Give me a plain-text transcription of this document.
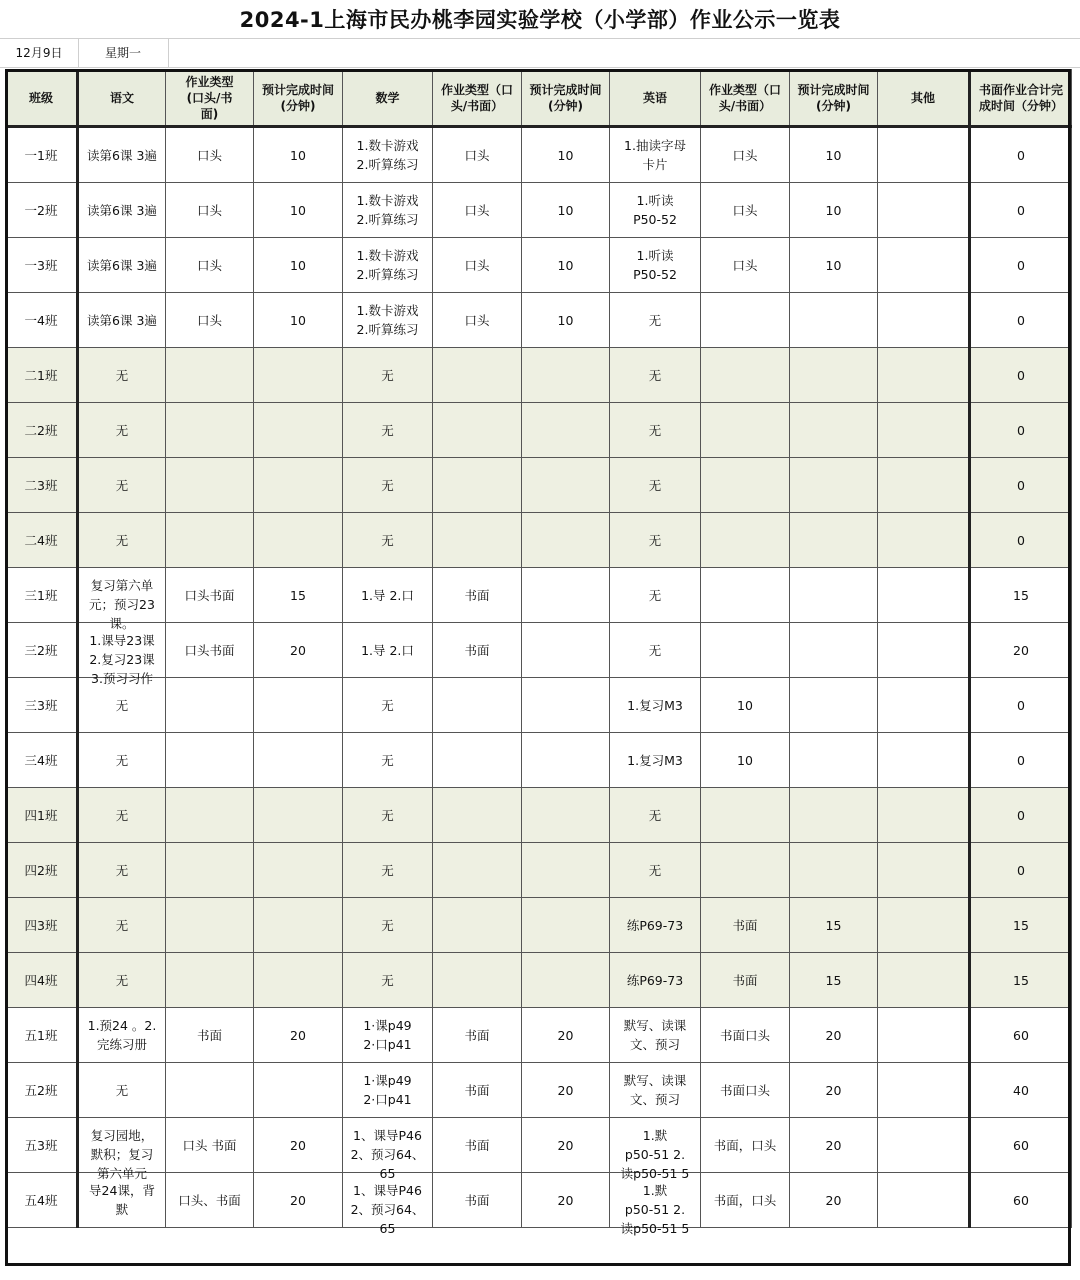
2024-1上海市民办桃李园实验学校（小学部）作业公示一览表
12月9日	星期一
班级	语文	作业类型
(口头/书
面)	预计完成时间
(分钟)	数学	作业类型（口
头/书面）	预计完成时间
(分钟)	英语	作业类型（口
头/书面）	预计完成时间
(分钟)	其他	书面作业合计完
成时间（分钟）

一1班	读第6课 3遍	口头	10	1.数卡游戏
2.听算练习	口头	10	1.抽读字母
卡片	口头	10		0

一2班	读第6课 3遍	口头	10	1.数卡游戏
2.听算练习	口头	10	1.听读
P50-52	口头	10		0

一3班	读第6课 3遍	口头	10	1.数卡游戏
2.听算练习	口头	10	1.听读
P50-52	口头	10		0

一4班	读第6课 3遍	口头	10	1.数卡游戏
2.听算练习	口头	10	无				0

二1班	无			无			无				0

二2班	无			无			无				0

二3班	无			无			无				0

二4班	无			无			无				0

三1班	复习第六单
元；预习23
课。	口头书面	15	1.导 2.口	书面		无				15

三2班	1.课导23课
2.复习23课
3.预习习作	口头书面	20	1.导 2.口	书面		无				20

三3班	无			无			1.复习M3	10			0

三4班	无			无			1.复习M3	10			0

四1班	无			无			无				0

四2班	无			无			无				0

四3班	无			无			练P69-73	书面	15		15

四4班	无			无			练P69-73	书面	15		15

五1班	1.预24 。2.
完练习册	书面	20	1·课p49
2·口p41	书面	20	默写、读课
文、预习	书面口头	20		60

五2班	无			1·课p49
2·口p41	书面	20	默写、读课
文、预习	书面口头	20		40

五3班	复习园地，
默积；复习
第六单元	口头 书面	20	1、课导P46
2、预习64、
65	书面	20	1.默
p50-51 2.
读p50-51 5	书面，口头	20		60

五4班	导24课，背
默	口头、书面	20	1、课导P46
2、预习64、
65	书面	20	1.默
p50-51 2.
读p50-51 5	书面，口头	20		60
